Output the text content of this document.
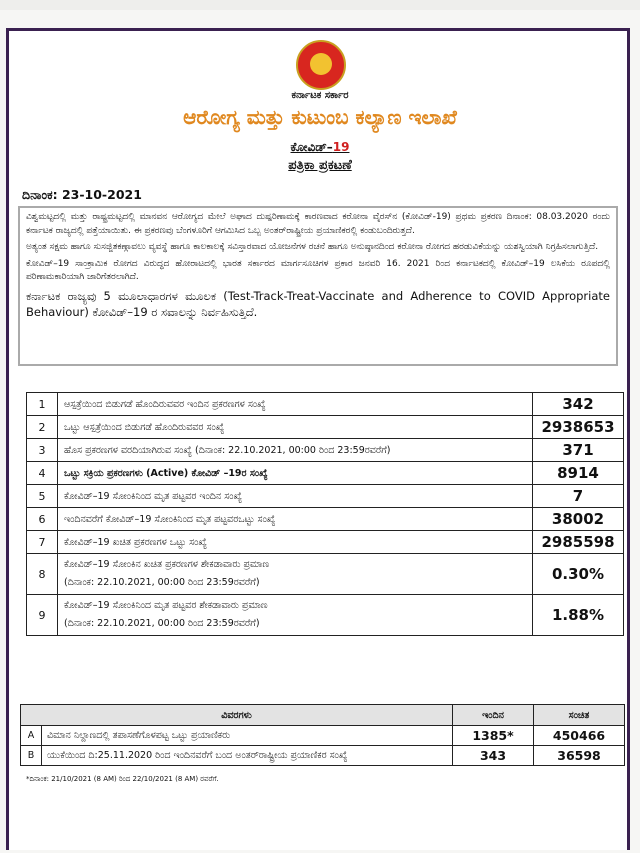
ಕರ್ನಾಟಕ ಸರ್ಕಾರ
ಆರೋಗ್ಯ ಮತ್ತು ಕುಟುಂಬ ಕಲ್ಯಾಣ ಇಲಾಖೆ
ಕೋವಿಡ್–19
ಪತ್ರಿಕಾ ಪ್ರಕಟಣೆ
ದಿನಾಂಕ: 23-10-2021

ವಿಶ್ವಮಟ್ಟದಲ್ಲಿ ಮತ್ತು ರಾಷ್ಟ್ರಮಟ್ಟದಲ್ಲಿ ಮಾನವನ ಆರೋಗ್ಯದ ಮೇಲೆ ಅಘಾದ ದುಷ್ಪರಿಣಾಮಕ್ಕೆ ಕಾರಣವಾದ ಕರೋನಾ ವೈರಸ್‌ನ (ಕೋವಿಡ್-19) ಪ್ರಥಮ ಪ್ರಕರಣ ದಿನಾಂಕ: 08.03.2020 ರಂದು ಕರ್ನಾಟಕ ರಾಜ್ಯದಲ್ಲಿ ಪತ್ತೆಯಾಯಿತು. ಈ ಪ್ರಕರಣವು ಬೆಂಗಳೂರಿಗೆ ಆಗಮಿಸಿದ ಒಬ್ಬ ಅಂತರ್‌ರಾಷ್ಟ್ರೀಯ ಪ್ರಯಾಣಿಕರಲ್ಲಿ ಕಂಡುಬಂದಿರುತ್ತದೆ.

ಅತ್ಯಂತ ಸಕ್ಷಮ ಹಾಗೂ ಸುಸಜ್ಜಿತಕಣ್ಗಾವಲು ವ್ಯವಸ್ಥೆ ಹಾಗೂ ಕಾಲಕಾಲಕ್ಕೆ ಸವಿಸ್ತಾರವಾದ ಯೋಜನೆಗಳ ರಚನೆ ಹಾಗೂ ಅನುಷ್ಠಾನದಿಂದ ಕರೋನಾ ರೋಗದ ಹರಡುವಿಕೆಯನ್ನು ಯಶಸ್ವಿಯಾಗಿ ನಿಗ್ರಹಿಸಲಾಗುತ್ತಿದೆ.

ಕೋವಿಡ್–19 ಸಾಂಕ್ರಾಮಿಕ ರೋಗದ ವಿರುದ್ಧದ ಹೋರಾಟದಲ್ಲಿ ಭಾರತ ಸರ್ಕಾರದ ಮಾರ್ಗಸೂಚಿಗಳ ಪ್ರಕಾರ ಜನವರಿ 16. 2021 ರಿಂದ ಕರ್ನಾಟಕದಲ್ಲಿ ಕೋವಿಡ್–19 ಲಸಿಕೆಯ ರೂಪದಲ್ಲಿ ಪರಿಣಾಮಕಾರಿಯಾಗಿ ಜಾರಿಗೆತರಲಾಗಿದೆ.

ಕರ್ನಾಟಕ ರಾಜ್ಯವು 5 ಮೂಲಾಧಾರಗಳ ಮೂಲಕ (Test-Track-Treat-Vaccinate and Adherence to COVID Appropriate Behaviour) ಕೋವಿಡ್–19 ರ ಸವಾಲನ್ನು ನಿರ್ವಹಿಸುತ್ತಿದೆ.

1	ಆಸ್ಪತ್ರೆಯಿಂದ ಬಿಡುಗಡೆ ಹೊಂದಿರುವವರ ಇಂದಿನ ಪ್ರಕರಣಗಳ ಸಂಖ್ಯೆ	342
2	ಒಟ್ಟು ಆಸ್ಪತ್ರೆಯಿಂದ ಬಿಡುಗಡೆ ಹೊಂದಿರುವವರ ಸಂಖ್ಯೆ	2938653
3	ಹೊಸ ಪ್ರಕರಣಗಳ ವರದಿಯಾಗಿರುವ ಸಂಖ್ಯೆ (ದಿನಾಂಕ: 22.10.2021, 00:00 ರಿಂದ 23:59ರವರೆಗೆ)	371
4	ಒಟ್ಟು ಸಕ್ರಿಯ ಪ್ರಕರಣಗಳು (Active) ಕೋವಿಡ್ –19ರ ಸಂಖ್ಯೆ	8914
5	ಕೋವಿಡ್–19 ಸೋಂಕಿನಿಂದ ಮೃತ ಪಟ್ಟವರ ಇಂದಿನ ಸಂಖ್ಯೆ	7
6	ಇಂದಿನವರೆಗೆ ಕೋವಿಡ್–19 ಸೋಂಕಿನಿಂದ ಮೃತ ಪಟ್ಟವರಒಟ್ಟು ಸಂಖ್ಯೆ	38002
7	ಕೋವಿಡ್–19 ಖಚಿತ ಪ್ರಕರಣಗಳ ಒಟ್ಟು ಸಂಖ್ಯೆ	2985598
8	ಕೋವಿಡ್–19 ಸೋಂಕಿನ ಖಚಿತ ಪ್ರಕರಣಗಳ ಶೇಕಡಾವಾರು ಪ್ರಮಾಣ
(ದಿನಾಂಕ: 22.10.2021, 00:00 ರಿಂದ 23:59ರವರೆಗೆ)	0.30%
9	ಕೋವಿಡ್–19 ಸೋಂಕಿನಿಂದ ಮೃತ ಪಟ್ಟವರ ಶೇಕಡಾವಾರು ಪ್ರಮಾಣ
(ದಿನಾಂಕ: 22.10.2021, 00:00 ರಿಂದ 23:59ರವರೆಗೆ)	1.88%
ವಿವರಗಳು		ಇಂದಿನ	ಸಂಚಿತ
A	ವಿಮಾನ ನಿಲ್ದಾಣದಲ್ಲಿ ತಪಾಸಣೆಗೊಳಪಟ್ಟ ಒಟ್ಟು ಪ್ರಯಾಣಿಕರು	1385*	450466
B	ಯುಕೆಯಿಂದ ದಿ:25.11.2020 ರಿಂದ ಇಂದಿನವರೆಗೆ ಬಂದ ಅಂತರ್‌ರಾಷ್ಟ್ರೀಯ ಪ್ರಯಾಣಿಕರ ಸಂಖ್ಯೆ	343	36598
*ದಿನಾಂಕ: 21/10/2021 (8 AM) ರಿಂದ 22/10/2021 (8 AM) ರವರೆಗೆ.
